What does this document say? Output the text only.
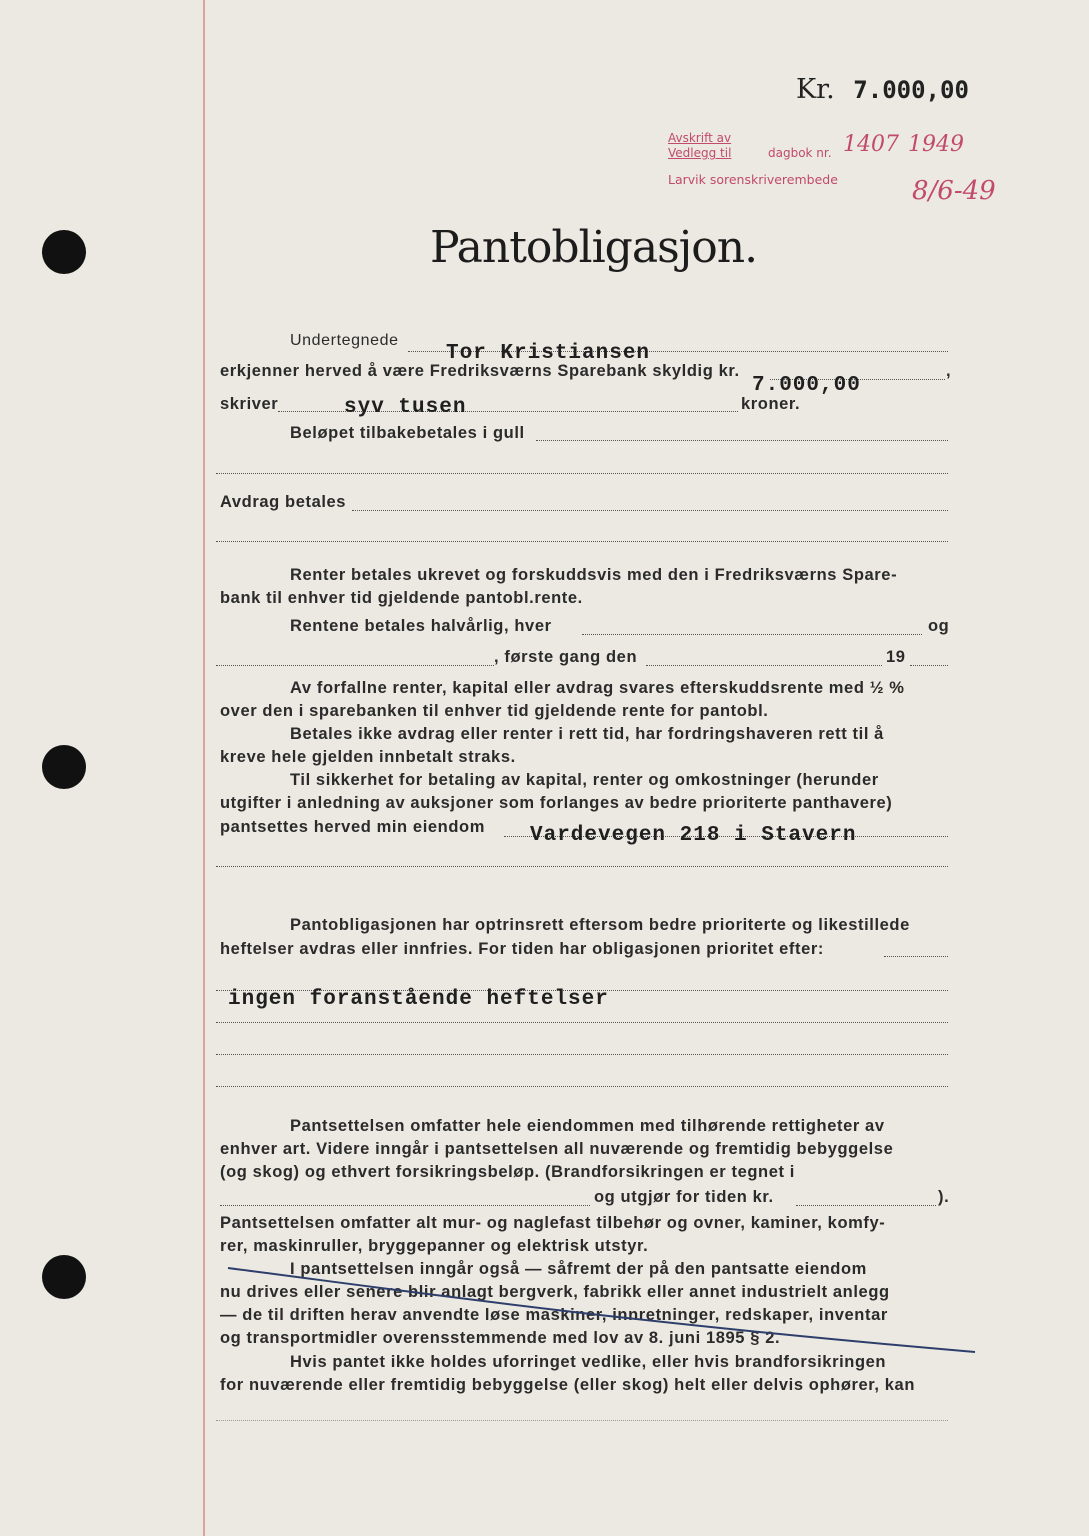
Kr. 7.000,00
Avskrift av
Vedlegg til	dagbok nr. 1407 1949
Larvik sorenskriverembede	8/6-49
Pantobligasjon.
Undertegnede
Tor Kristiansen
erkjenner herved å være Fredriksværns Sparebank skyldig kr.	,
7.000,00
skriver	syv tusen	kroner.
Beløpet tilbakebetales i gull
Avdrag betales
Renter betales ukrevet og forskuddsvis med den i Fredriksværns Spare-
bank til enhver tid gjeldende pantobl.rente.
Rentene betales halvårlig, hver	og
, første gang den	19
Av forfallne renter, kapital eller avdrag svares efterskuddsrente med ½ %
over den i sparebanken til enhver tid gjeldende rente for pantobl.
Betales ikke avdrag eller renter i rett tid, har fordringshaveren rett til å
kreve hele gjelden innbetalt straks.
Til sikkerhet for betaling av kapital, renter og omkostninger (herunder
utgifter i anledning av auksjoner som forlanges av bedre prioriterte panthavere)
pantsettes herved min eiendom Vardevegen 218 i Stavern
Pantobligasjonen har optrinsrett eftersom bedre prioriterte og likestillede
heftelser avdras eller innfries. For tiden har obligasjonen prioritet efter:
ingen foranstående heftelser
Pantsettelsen omfatter hele eiendommen med tilhørende rettigheter av
enhver art. Videre inngår i pantsettelsen all nuværende og fremtidig bebyggelse
(og skog) og ethvert forsikringsbeløp. (Brandforsikringen er tegnet i
og utgjør for tiden kr.	).
Pantsettelsen omfatter alt mur- og naglefast tilbehør og ovner, kaminer, komfy-
rer, maskinruller, bryggepanner og elektrisk utstyr.
I pantsettelsen inngår også — såfremt der på den pantsatte eiendom
nu drives eller senere blir anlagt bergverk, fabrikk eller annet industrielt anlegg
— de til driften herav anvendte løse maskiner, innretninger, redskaper, inventar
og transportmidler overensstemmende med lov av 8. juni 1895 § 2.
Hvis pantet ikke holdes uforringet vedlike, eller hvis brandforsikringen
for nuværende eller fremtidig bebyggelse (eller skog) helt eller delvis ophører, kan
